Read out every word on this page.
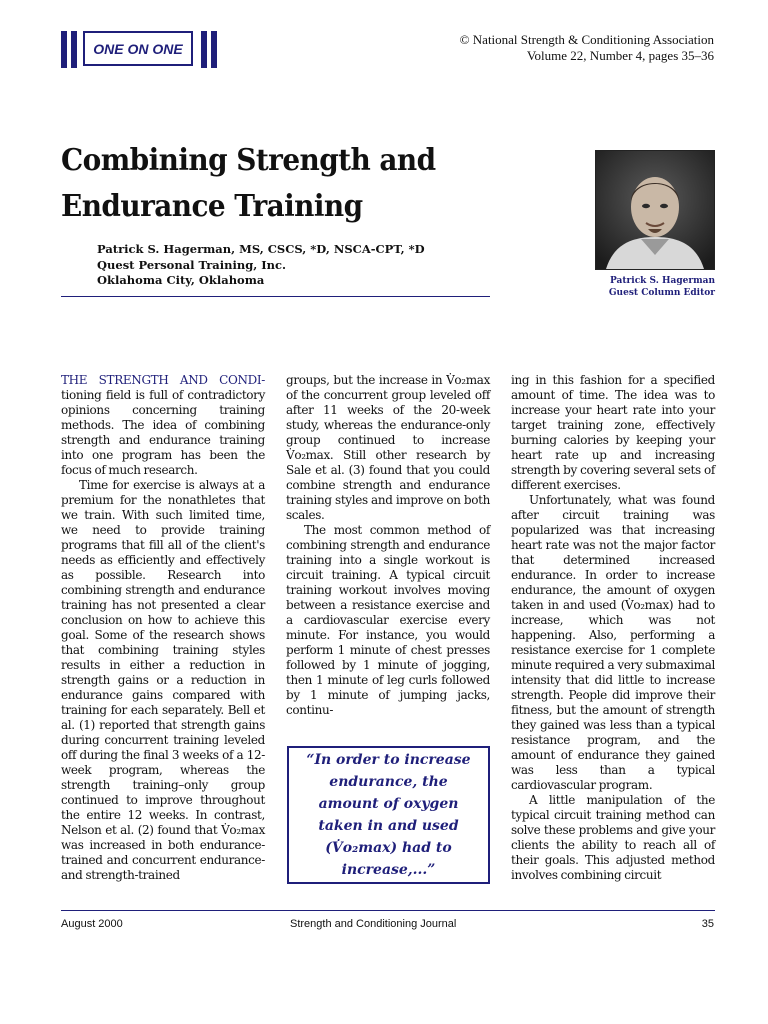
ONE ON ONE
© National Strength & Conditioning Association
Volume 22, Number 4, pages 35–36
Combining Strength and
Endurance Training
Patrick S. Hagerman, MS, CSCS, *D, NSCA-CPT, *D
Quest Personal Training, Inc.
Oklahoma City, Oklahoma	Patrick S. Hagerman
Guest Column Editor

THE STRENGTH AND CONDI-tioning field is full of contradictory opinions concerning training methods. The idea of combining strength and endurance training into one program has been the focus of much research.

Time for exercise is always at a premium for the nonathletes that we train. With such limited time, we need to provide training programs that fill all of the client's needs as efficiently and effectively as possible. Research into combining strength and endurance training has not presented a clear conclusion on how to achieve this goal. Some of the research shows that combining training styles results in either a reduction in strength gains or a reduction in endurance gains compared with training for each separately. Bell et al. (1) reported that strength gains during concurrent training leveled off during the final 3 weeks of a 12-week program, whereas the strength training–only group continued to improve throughout the entire 12 weeks. In contrast, Nelson et al. (2) found that V̇o₂max was increased in both endurance-trained and concurrent endurance- and strength-trained

groups, but the increase in V̇o₂max of the concurrent group leveled off after 11 weeks of the 20-week study, whereas the endurance-only group continued to increase V̇o₂max. Still other research by Sale et al. (3) found that you could combine strength and endurance training styles and improve on both scales.

The most common method of combining strength and endurance training into a single workout is circuit training. A typical circuit training workout involves moving between a resistance exercise and a cardiovascular exercise every minute. For instance, you would perform 1 minute of chest presses followed by 1 minute of jogging, then 1 minute of leg curls followed by 1 minute of jumping jacks, continu-

ing in this fashion for a specified amount of time. The idea was to increase your heart rate into your target training zone, effectively burning calories by keeping your heart rate up and increasing strength by covering several sets of different exercises.

Unfortunately, what was found after circuit training was popularized was that increasing heart rate was not the major factor that determined increased endurance. In order to increase endurance, the amount of oxygen taken in and used (V̇o₂max) had to increase, which was not happening. Also, performing a resistance exercise for 1 complete minute required a very submaximal intensity that did little to increase strength. People did improve their fitness, but the amount of strength they gained was less than a typical resistance program, and the amount of endurance they gained was less than a typical cardiovascular program.

A little manipulation of the typical circuit training method can solve these problems and give your clients the ability to reach all of their goals. This adjusted method involves combining circuit

“In order to increase endurance, the amount of oxygen taken in and used (V̇o₂max) had to increase,...”
August 2000	Strength and Conditioning Journal	35
